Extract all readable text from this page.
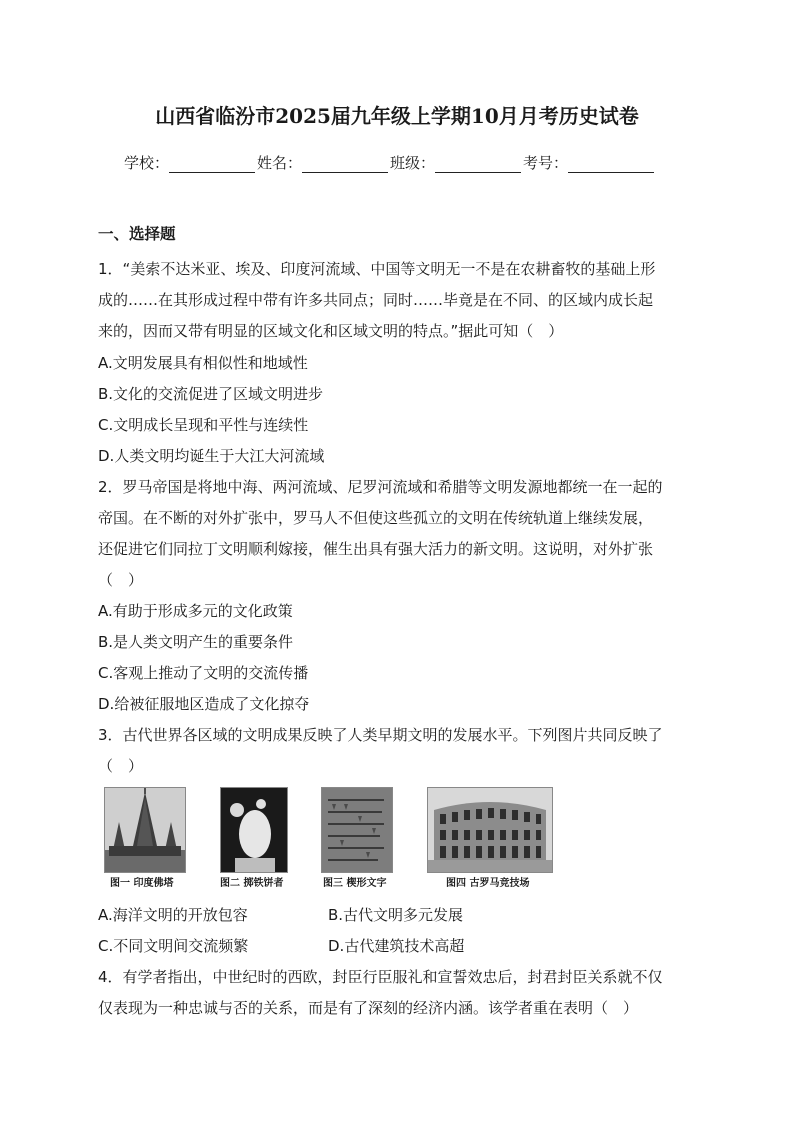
山西省临汾市2025届九年级上学期10月月考历史试卷
学校：	姓名：	班级：	考号：
一、选择题
1．“美索不达米亚、埃及、印度河流域、中国等文明无一不是在农耕畜牧的基础上形
成的……在其形成过程中带有许多共同点；同时……毕竟是在不同、的区域内成长起
来的，因而又带有明显的区域文化和区域文明的特点。”据此可知（　）
A.文明发展具有相似性和地域性
B.文化的交流促进了区域文明进步
C.文明成长呈现和平性与连续性
D.人类文明均诞生于大江大河流域
2．罗马帝国是将地中海、两河流域、尼罗河流域和希腊等文明发源地都统一在一起的
帝国。在不断的对外扩张中，罗马人不但使这些孤立的文明在传统轨道上继续发展，
还促进它们同拉丁文明顺利嫁接，催生出具有强大活力的新文明。这说明，对外扩张
（　）
A.有助于形成多元的文化政策
B.是人类文明产生的重要条件
C.客观上推动了文明的交流传播
D.给被征服地区造成了文化掠夺
3．古代世界各区域的文明成果反映了人类早期文明的发展水平。下列图片共同反映了
（　）
图一 印度佛塔	图二 掷铁饼者	图三 楔形文字	图四 古罗马竞技场
A.海洋文明的开放包容	B.古代文明多元发展
C.不同文明间交流频繁	D.古代建筑技术高超
4．有学者指出，中世纪时的西欧，封臣行臣服礼和宣誓效忠后，封君封臣关系就不仅
仅表现为一种忠诚与否的关系，而是有了深刻的经济内涵。该学者重在表明（　）
